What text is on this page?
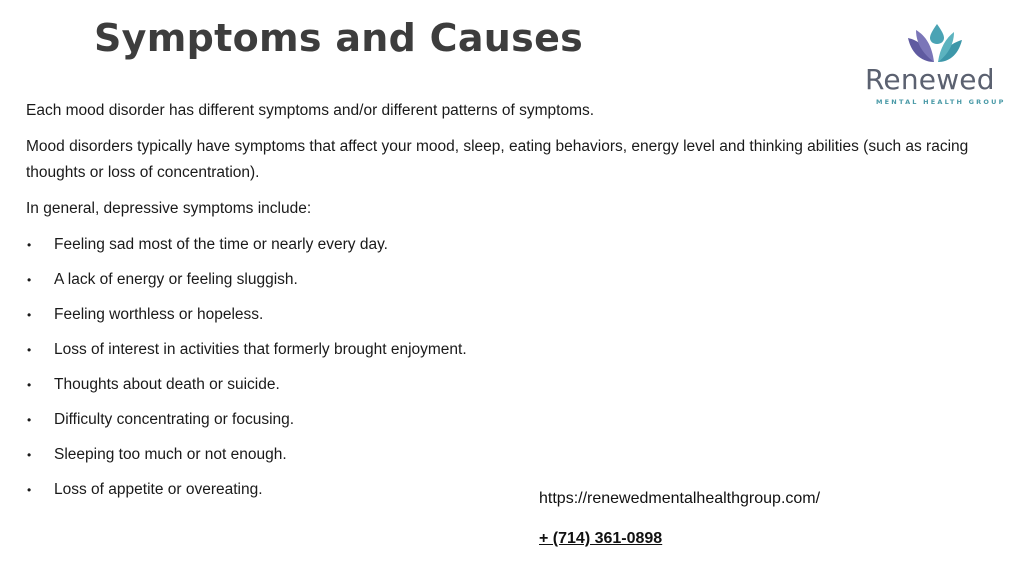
Symptoms and Causes
Renewed
MENTAL HEALTH GROUP

Each mood disorder has different symptoms and/or different patterns of symptoms.

Mood disorders typically have symptoms that affect your mood, sleep, eating behaviors, energy level and thinking abilities (such as racing thoughts or loss of concentration).

In general, depressive symptoms include:

• Feeling sad most of the time or nearly every day.
• A lack of energy or feeling sluggish.
• Feeling worthless or hopeless.
• Loss of interest in activities that formerly brought enjoyment.
• Thoughts about death or suicide.
• Difficulty concentrating or focusing.
• Sleeping too much or not enough.
• Loss of appetite or overeating.
https://renewedmentalhealthgroup.com/
+ (714) 361-0898
